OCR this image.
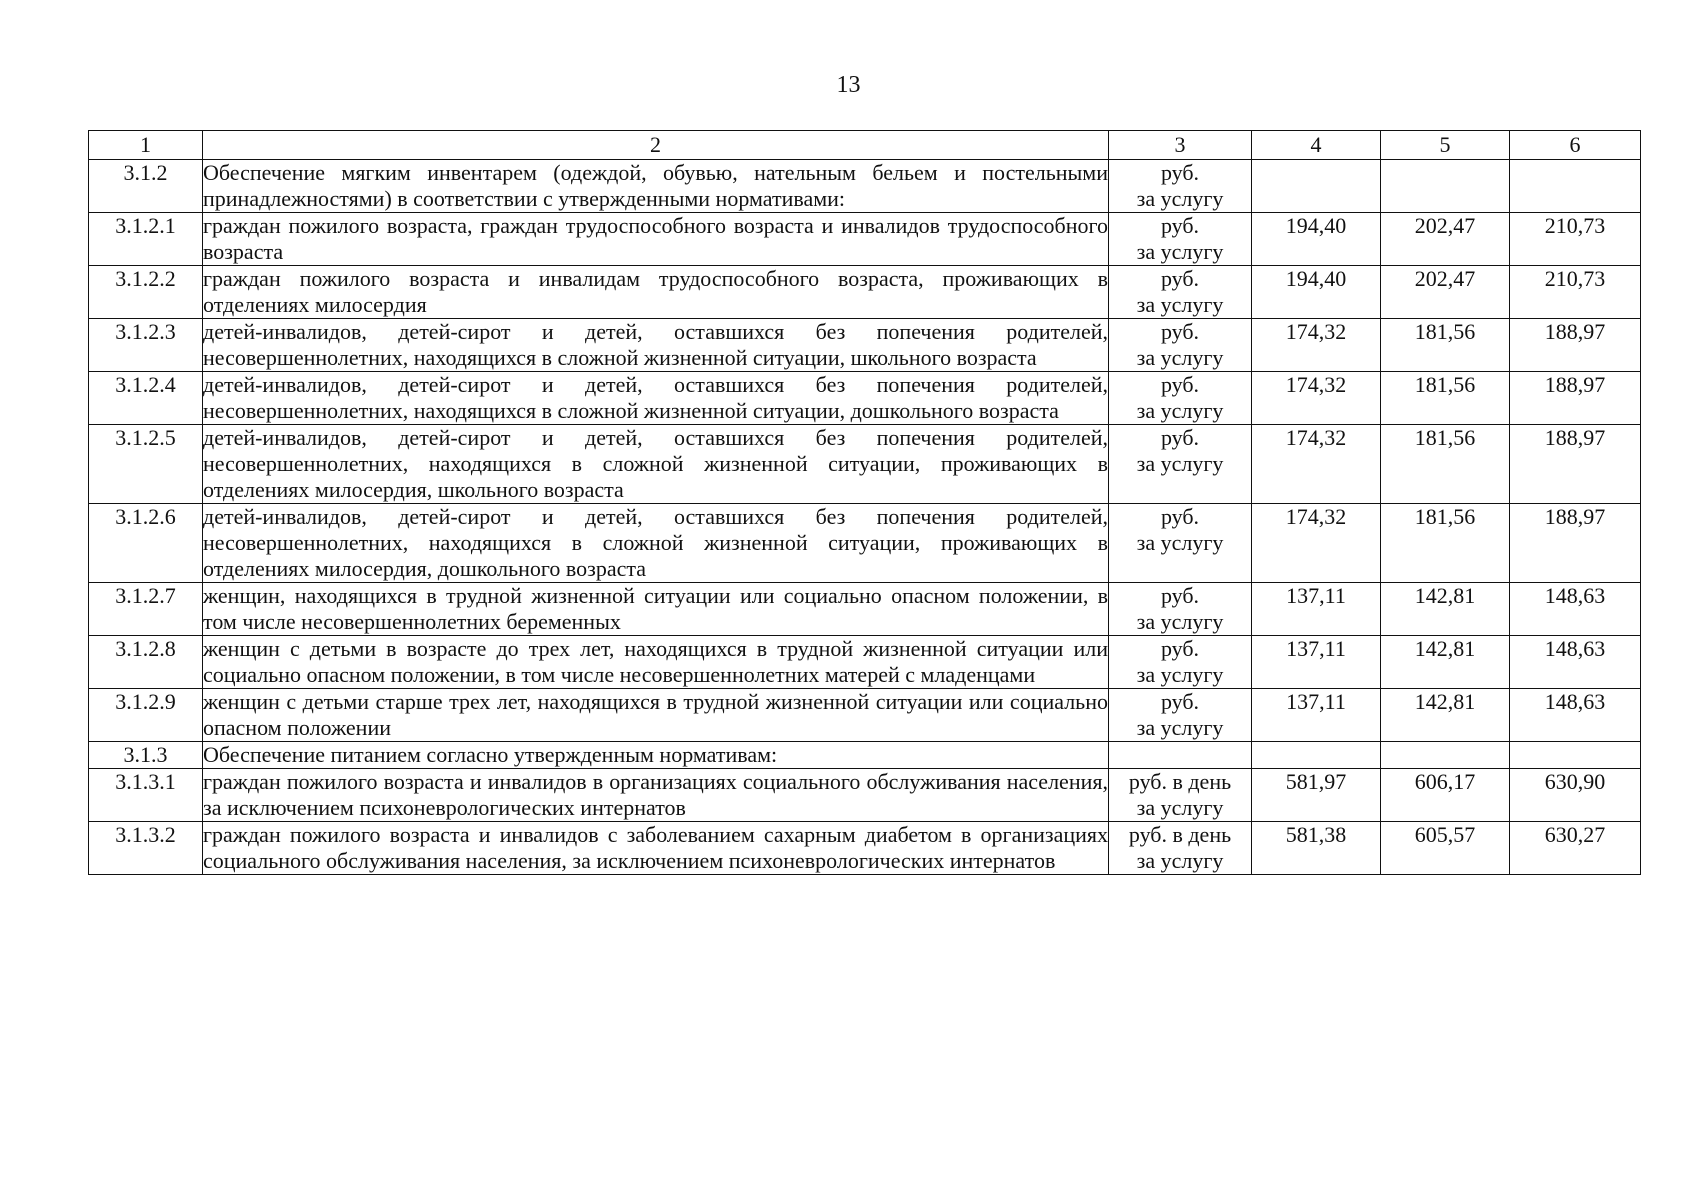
13
1	2	3	4	5	6
3.1.2	Обеспечение мягким инвентарем (одеждой, обувью, нательным бельем и постельными принадлежностями) в соответствии с утвержденными нормативами:	руб.
за услугу			

3.1.2.1	граждан пожилого возраста, граждан трудоспособного возраста и инвалидов трудоспособного возраста	руб.
за услугу	194,40	202,47	210,73
3.1.2.2	граждан пожилого возраста и инвалидам трудоспособного возраста, проживающих в отделениях милосердия	руб.
за услугу	194,40	202,47	210,73
3.1.2.3	детей-инвалидов, детей-сирот и детей, оставшихся без попечения родителей, несовершеннолетних, находящихся в сложной жизненной ситуации, школьного возраста	руб.
за услугу	174,32	181,56	188,97
3.1.2.4	детей-инвалидов, детей-сирот и детей, оставшихся без попечения родителей, несовершеннолетних, находящихся в сложной жизненной ситуации, дошкольного возраста	руб.
за услугу	174,32	181,56	188,97
3.1.2.5	детей-инвалидов, детей-сирот и детей, оставшихся без попечения родителей, несовершеннолетних, находящихся в сложной жизненной ситуации, проживающих в отделениях милосердия, школьного возраста	руб.
за услугу	174,32	181,56	188,97
3.1.2.6	детей-инвалидов, детей-сирот и детей, оставшихся без попечения родителей, несовершеннолетних, находящихся в сложной жизненной ситуации, проживающих в отделениях милосердия, дошкольного возраста	руб.
за услугу	174,32	181,56	188,97
3.1.2.7	женщин, находящихся в трудной жизненной ситуации или социально опасном положении, в том числе несовершеннолетних беременных	руб.
за услугу	137,11	142,81	148,63
3.1.2.8	женщин с детьми в возрасте до трех лет, находящихся в трудной жизненной ситуации или социально опасном положении, в том числе несовершеннолетних матерей с младенцами	руб.
за услугу	137,11	142,81	148,63
3.1.2.9	женщин с детьми старше трех лет, находящихся в трудной жизненной ситуации или социально опасном положении	руб.
за услугу	137,11	142,81	148,63
3.1.3	Обеспечение питанием согласно утвержденным нормативам:	

3.1.3.1	граждан пожилого возраста и инвалидов в организациях социального обслуживания населения, за исключением психоневрологических интернатов	руб. в день
за услугу	581,97	606,17	630,90
3.1.3.2	граждан пожилого возраста и инвалидов с заболеванием сахарным диабетом в организациях социального обслуживания населения, за исключением психоневрологических интернатов	руб. в день
за услугу	581,38	605,57	630,27
